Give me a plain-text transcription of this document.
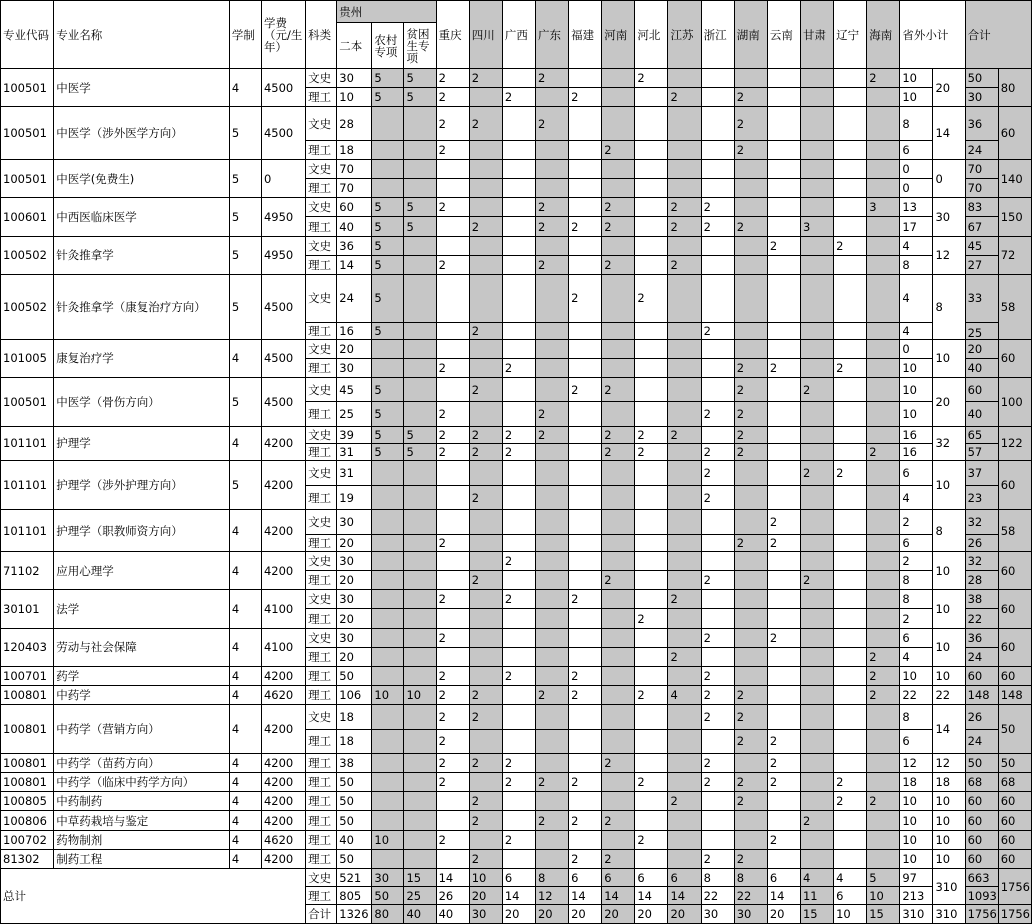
专业代码	专业名称	学制	学费（元/生年）	科类	贵州			重庆	四川	广西	广东	福建	河南	河北	江苏	浙江	湖南	云南	甘肃	辽宁	海南	省外小计		合计	
					二本	农村专项	贫困生专项																		
100501	中医学	4	4500	文史	30	5	5	2	2		2			2							2	10	20	50	80
				理工	10	5	5	2		2		2			2		2					10		30	
100501	中医学（涉外医学方向）	5	4500	文史	28			2	2		2						2					8	14	36	60
				理工	18			2					2				2					6		24	
100501	中医学(免费生)	5	0	文史	70																	0	0	70	140
				理工	70																	0		70	
100601	中西医临床医学	5	4950	文史	60	5	5	2			2		2		2	2					3	13	30	83	150
				理工	40	5	5		2		2	2	2		2	2	2		3			17		67	
100502	针灸推拿学	5	4950	文史	36	5												2		2		4	12	45	72
				理工	14	5		2			2		2		2							8		27	
100502	针灸推拿学（康复治疗方向）	5	4500	文史	24	5						2		2								4	8	33	58
				理工	16	5			2							2						4		25	
101005	康复治疗学	4	4500	文史	20																	0	10	20	60
				理工	30			2		2							2	2		2		10		40	
100501	中医学（骨伤方向）	5	4500	文史	45	5			2			2	2				2		2			10	20	60	100
				理工	25	5		2			2					2	2					10		40	
101101	护理学	4	4200	文史	39	5	5	2	2	2	2		2	2	2		2					16	32	65	122
				理工	31	5	5	2	2	2			2	2		2	2				2	16		57	
101101	护理学（涉外护理方向）	5	4200	文史	31											2			2	2		6	10	37	60
				理工	19				2							2						4		23	
101101	护理学（职教师资方向）	4	4200	文史	30													2				2	8	32	58
				理工	20			2									2	2				6		26	
71102	应用心理学	4	4200	文史	30					2												2	10	32	60
				理工	20				2				2			2			2			8		28	
30101	法学	4	4100	文史	30			2		2		2			2							8	10	38	60
				理工	20									2								2		22	
120403	劳动与社会保障	4	4100	文史	30			2								2		2				6	10	36	60
				理工	20										2						2	4		24	
100701	药学	4	4200	理工	50			2		2		2				2					2	10	10	60	60
100801	中药学	4	4620	理工	106	10	10	2	2		2	2		2	4	2	2				2	22	22	148	148
100801	中药学（营销方向）	4	4200	文史	18			2	2							2	2					8	14	26	50
				理工	18			2									2	2				6		24	
100801	中药学（苗药方向）	4	4200	理工	38			2	2	2			2			2		2				12	12	50	50
100801	中药学（临床中药学方向）	4	4200	理工	50			2		2	2	2		2		2	2	2		2		18	18	68	68
100805	中药制药	4	4200	理工	50				2						2		2			2	2	10	10	60	60
100806	中草药栽培与鉴定	4	4200	理工	50				2		2	2	2						2			10	10	60	60
100702	药物制剂	4	4620	理工	40	10		2		2				2				2				10	10	60	60
81302	制药工程	4	4200	理工	50				2			2	2			2	2					10	10	60	60
总计				文史	521	30	15	14	10	6	8	6	6	6	6	8	8	6	4	4	5	97	310	663	1756
				理工	805	50	25	26	20	14	12	14	14	14	14	22	22	14	11	6	10	213		1093	
				合计	1326	80	40	40	30	20	20	20	20	20	20	30	30	20	15	10	15	310	310	1756	1756
